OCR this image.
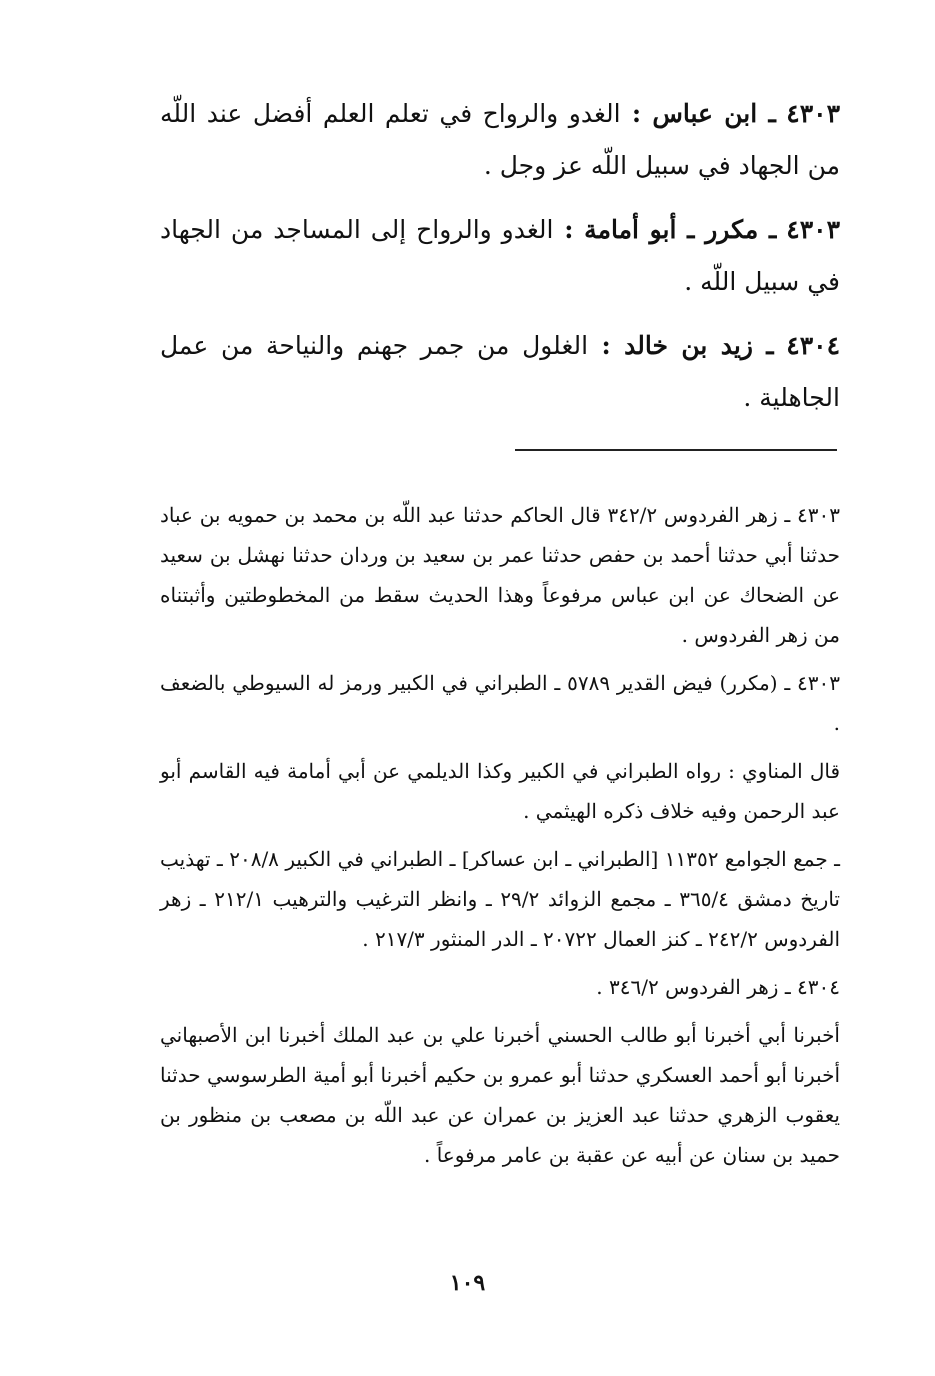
٤٣٠٣ ـ ابن عباس : الغدو والرواح في تعلم العلم أفضل عند اللّه من الجهاد في سبيل اللّه عز وجل .

٤٣٠٣ ـ مكرر ـ أبو أمامة : الغدو والرواح إلى المساجد من الجهاد في سبيل اللّه .

٤٣٠٤ ـ زيد بن خالد : الغلول من جمر جهنم والنياحة من عمل الجاهلية .

٤٣٠٣ ـ زهر الفردوس ٣٤٢/٢ قال الحاكم حدثنا عبد اللّه بن محمد بن حمويه بن عباد حدثنا أبي حدثنا أحمد بن حفص حدثنا عمر بن سعيد بن وردان حدثنا نهشل بن سعيد عن الضحاك عن ابن عباس مرفوعاً وهذا الحديث سقط من المخطوطتين وأثبتناه من زهر الفردوس .

٤٣٠٣ ـ (مكرر) فيض القدير ٥٧٨٩ ـ الطبراني في الكبير ورمز له السيوطي بالضعف .

قال المناوي : رواه الطبراني في الكبير وكذا الديلمي عن أبي أمامة فيه القاسم أبو عبد الرحمن وفيه خلاف ذكره الهيثمي .

ـ جمع الجوامع ١١٣٥٢ [الطبراني ـ ابن عساكر] ـ الطبراني في الكبير ٢٠٨/٨ ـ تهذيب تاريخ دمشق ٣٦٥/٤ ـ مجمع الزوائد ٢٩/٢ ـ وانظر الترغيب والترهيب ٢١٢/١ ـ زهر الفردوس ٢٤٢/٢ ـ كنز العمال ٢٠٧٢٢ ـ الدر المنثور ٢١٧/٣ .

٤٣٠٤ ـ زهر الفردوس ٣٤٦/٢ .

أخبرنا أبي أخبرنا أبو طالب الحسني أخبرنا علي بن عبد الملك أخبرنا ابن الأصبهاني أخبرنا أبو أحمد العسكري حدثنا أبو عمرو بن حكيم أخبرنا أبو أمية الطرسوسي حدثنا يعقوب الزهري حدثنا عبد العزيز بن عمران عن عبد اللّه بن مصعب بن منظور بن حميد بن سنان عن أبيه عن عقبة بن عامر مرفوعاً .

١٠٩
